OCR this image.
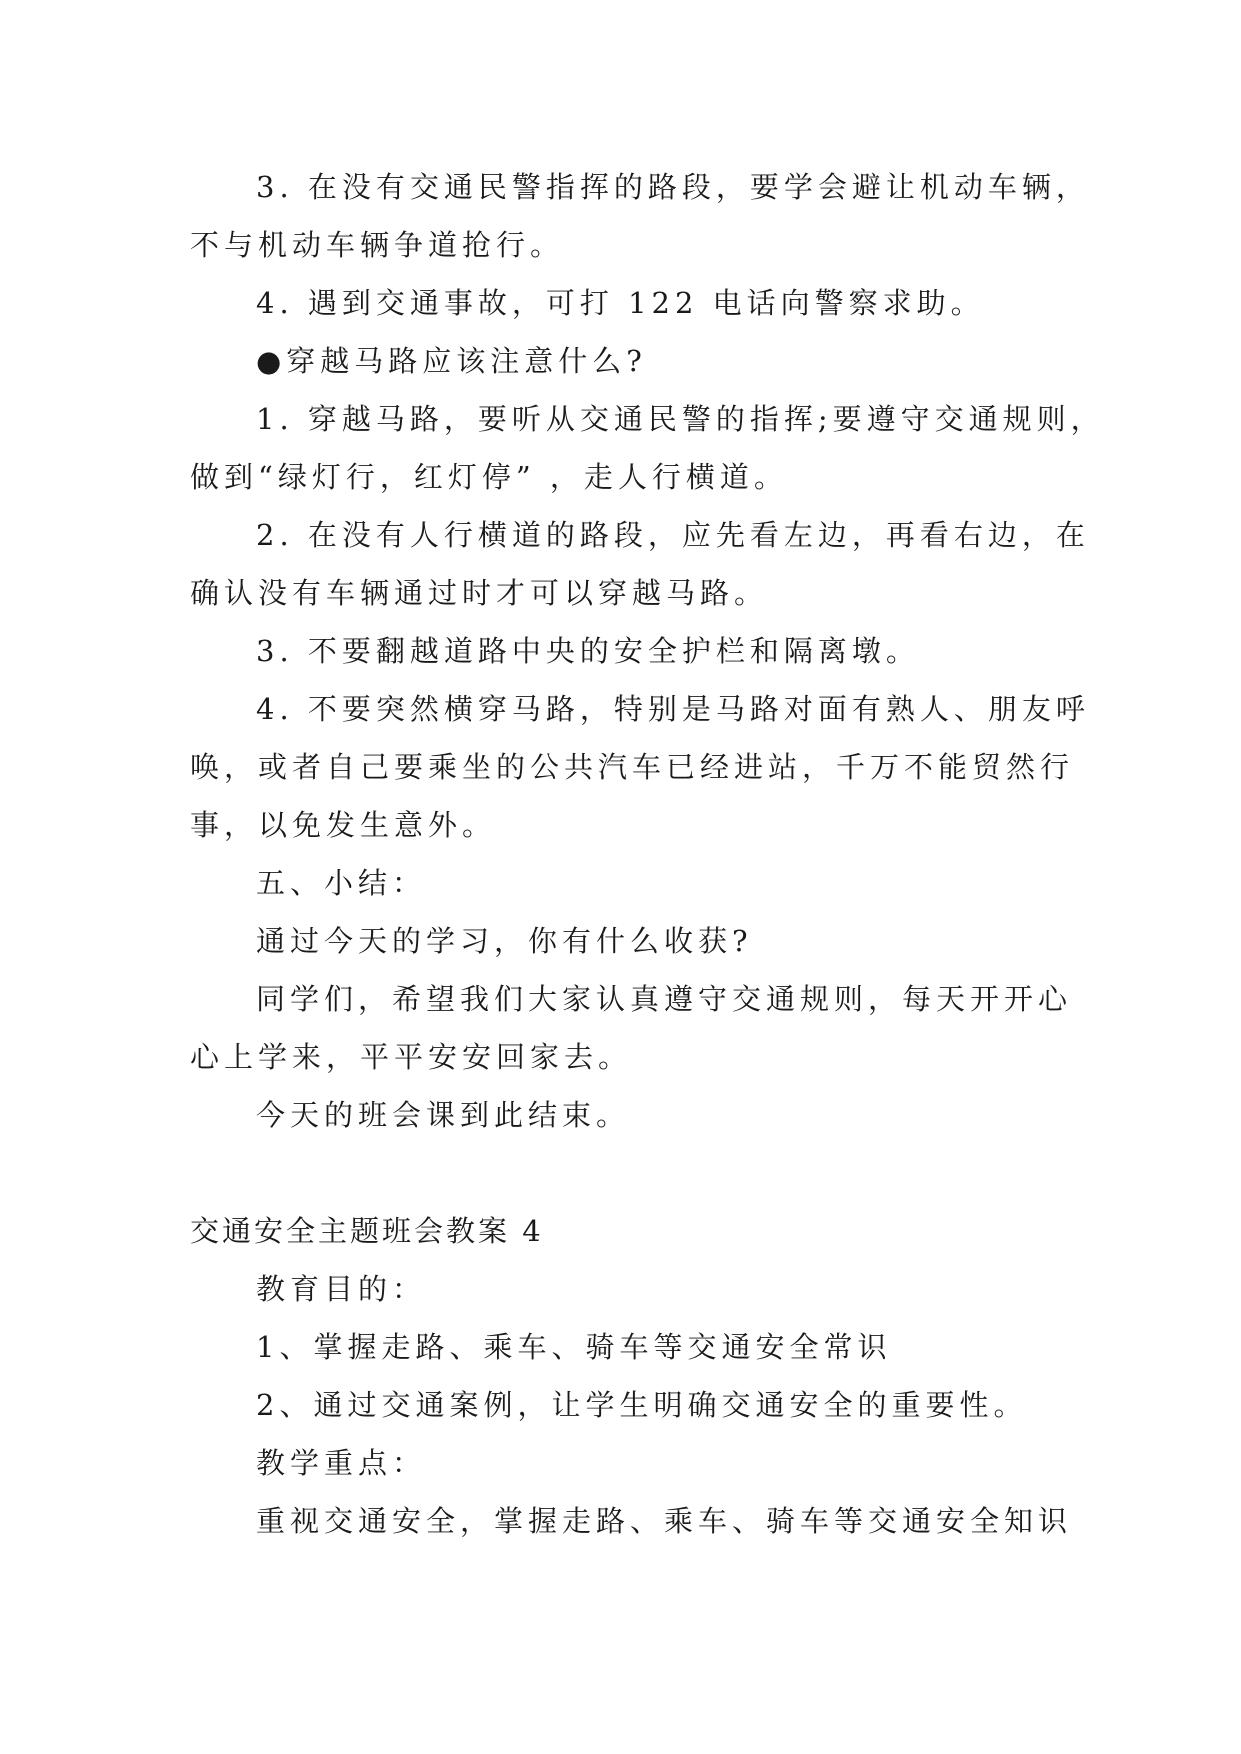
3. 在没有交通民警指挥的路段，要学会避让机动车辆，
不与机动车辆争道抢行。
4. 遇到交通事故，可打 122 电话向警察求助。
●穿越马路应该注意什么?
1. 穿越马路，要听从交通民警的指挥;要遵守交通规则，
做到“绿灯行，红灯停” ，走人行横道。
2. 在没有人行横道的路段，应先看左边，再看右边，在
确认没有车辆通过时才可以穿越马路。
3. 不要翻越道路中央的安全护栏和隔离墩。
4. 不要突然横穿马路，特别是马路对面有熟人、朋友呼
唤，或者自己要乘坐的公共汽车已经进站，千万不能贸然行
事，以免发生意外。
五、小结：
通过今天的学习，你有什么收获?
同学们，希望我们大家认真遵守交通规则，每天开开心
心上学来，平平安安回家去。
今天的班会课到此结束。
交通安全主题班会教案 4
教育目的：
1、掌握走路、乘车、骑车等交通安全常识
2、通过交通案例，让学生明确交通安全的重要性。
教学重点：
重视交通安全，掌握走路、乘车、骑车等交通安全知识
